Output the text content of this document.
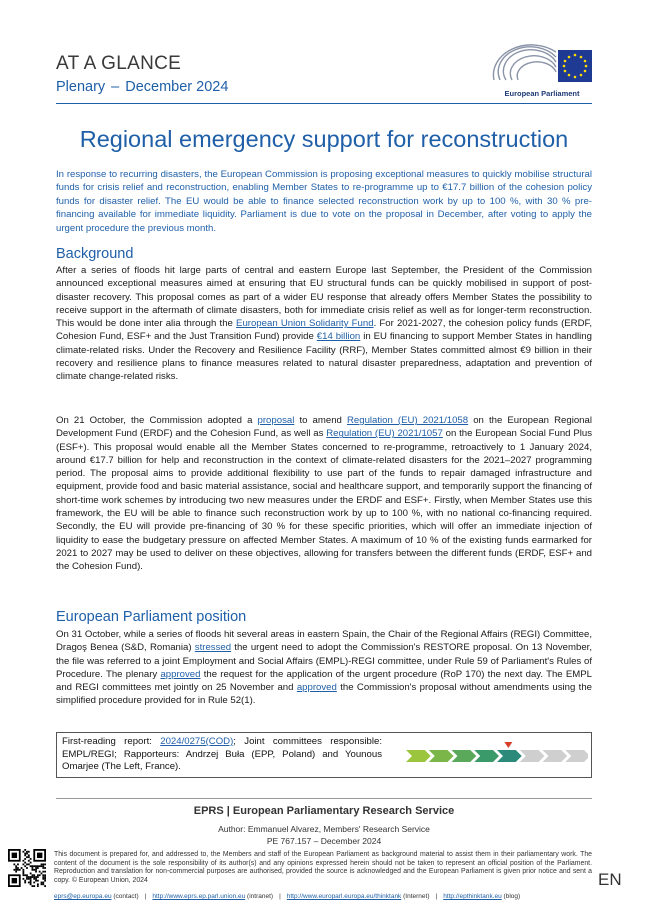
AT A GLANCE
Plenary – December 2024	European Parliament
Regional emergency support for reconstruction
In response to recurring disasters, the European Commission is proposing exceptional measures to quickly mobilise structural funds for crisis relief and reconstruction, enabling Member States to re-programme up to €17.7 billion of the cohesion policy funds for disaster relief. The EU would be able to finance selected reconstruction work by up to 100 %, with 30 % pre-financing available for immediate liquidity. Parliament is due to vote on the proposal in December, after voting to apply the urgent procedure the previous month.
Background
After a series of floods hit large parts of central and eastern Europe last September, the President of the Commission announced exceptional measures aimed at ensuring that EU structural funds can be quickly mobilised in support of post-disaster recovery. This proposal comes as part of a wider EU response that already offers Member States the possibility to receive support in the aftermath of climate disasters, both for immediate crisis relief as well as for longer-term reconstruction. This would be done inter alia through the European Union Solidarity Fund. For 2021-2027, the cohesion policy funds (ERDF, Cohesion Fund, ESF+ and the Just Transition Fund) provide €14 billion in EU financing to support Member States in handling climate-related risks. Under the Recovery and Resilience Facility (RRF), Member States committed almost €9 billion in their recovery and resilience plans to finance measures related to natural disaster preparedness, adaptation and prevention of climate change-related risks.
On 21 October, the Commission adopted a proposal to amend Regulation (EU) 2021/1058 on the European Regional Development Fund (ERDF) and the Cohesion Fund, as well as Regulation (EU) 2021/1057 on the European Social Fund Plus (ESF+). This proposal would enable all the Member States concerned to re-programme, retroactively to 1 January 2024, around €17.7 billion for help and reconstruction in the context of climate-related disasters for the 2021–2027 programming period. The proposal aims to provide additional flexibility to use part of the funds to repair damaged infrastructure and equipment, provide food and basic material assistance, social and healthcare support, and temporarily support the financing of short-time work schemes by introducing two new measures under the ERDF and ESF+. Firstly, when Member States use this framework, the EU will be able to finance such reconstruction work by up to 100 %, with no national co-financing required. Secondly, the EU will provide pre-financing of 30 % for these specific priorities, which will offer an immediate injection of liquidity to ease the budgetary pressure on affected Member States. A maximum of 10 % of the existing funds earmarked for 2021 to 2027 may be used to deliver on these objectives, allowing for transfers between the different funds (ERDF, ESF+ and the Cohesion Fund).
European Parliament position
On 31 October, while a series of floods hit several areas in eastern Spain, the Chair of the Regional Affairs (REGI) Committee, Dragoş Benea (S&D, Romania) stressed the urgent need to adopt the Commission's RESTORE proposal. On 13 November, the file was referred to a joint Employment and Social Affairs (EMPL)-REGI committee, under Rule 59 of Parliament's Rules of Procedure. The plenary approved the request for the application of the urgent procedure (RoP 170) the next day. The EMPL and REGI committees met jointly on 25 November and approved the Commission's proposal without amendments using the simplified procedure provided for in Rule 52(1).
First-reading report: 2024/0275(COD); Joint committees responsible: EMPL/REGI; Rapporteurs: Andrzej Buła (EPP, Poland) and Younous Omarjee (The Left, France).
EPRS | European Parliamentary Research Service
Author: Emmanuel Alvarez, Members' Research Service
PE 767.157 – December 2024
This document is prepared for, and addressed to, the Members and staff of the European Parliament as background material to assist them in their parliamentary work. The content of the document is the sole responsibility of its author(s) and any opinions expressed herein should not be taken to represent an official position of the Parliament. Reproduction and translation for non-commercial purposes are authorised, provided the source is acknowledged and the European Parliament is given prior notice and sent a copy. © European Union, 2024
eprs@ep.europa.eu (contact) | http://www.eprs.ep.parl.union.eu (intranet) | http://www.europarl.europa.eu/thinktank (Internet) | http://epthinktank.eu (blog)
EN
